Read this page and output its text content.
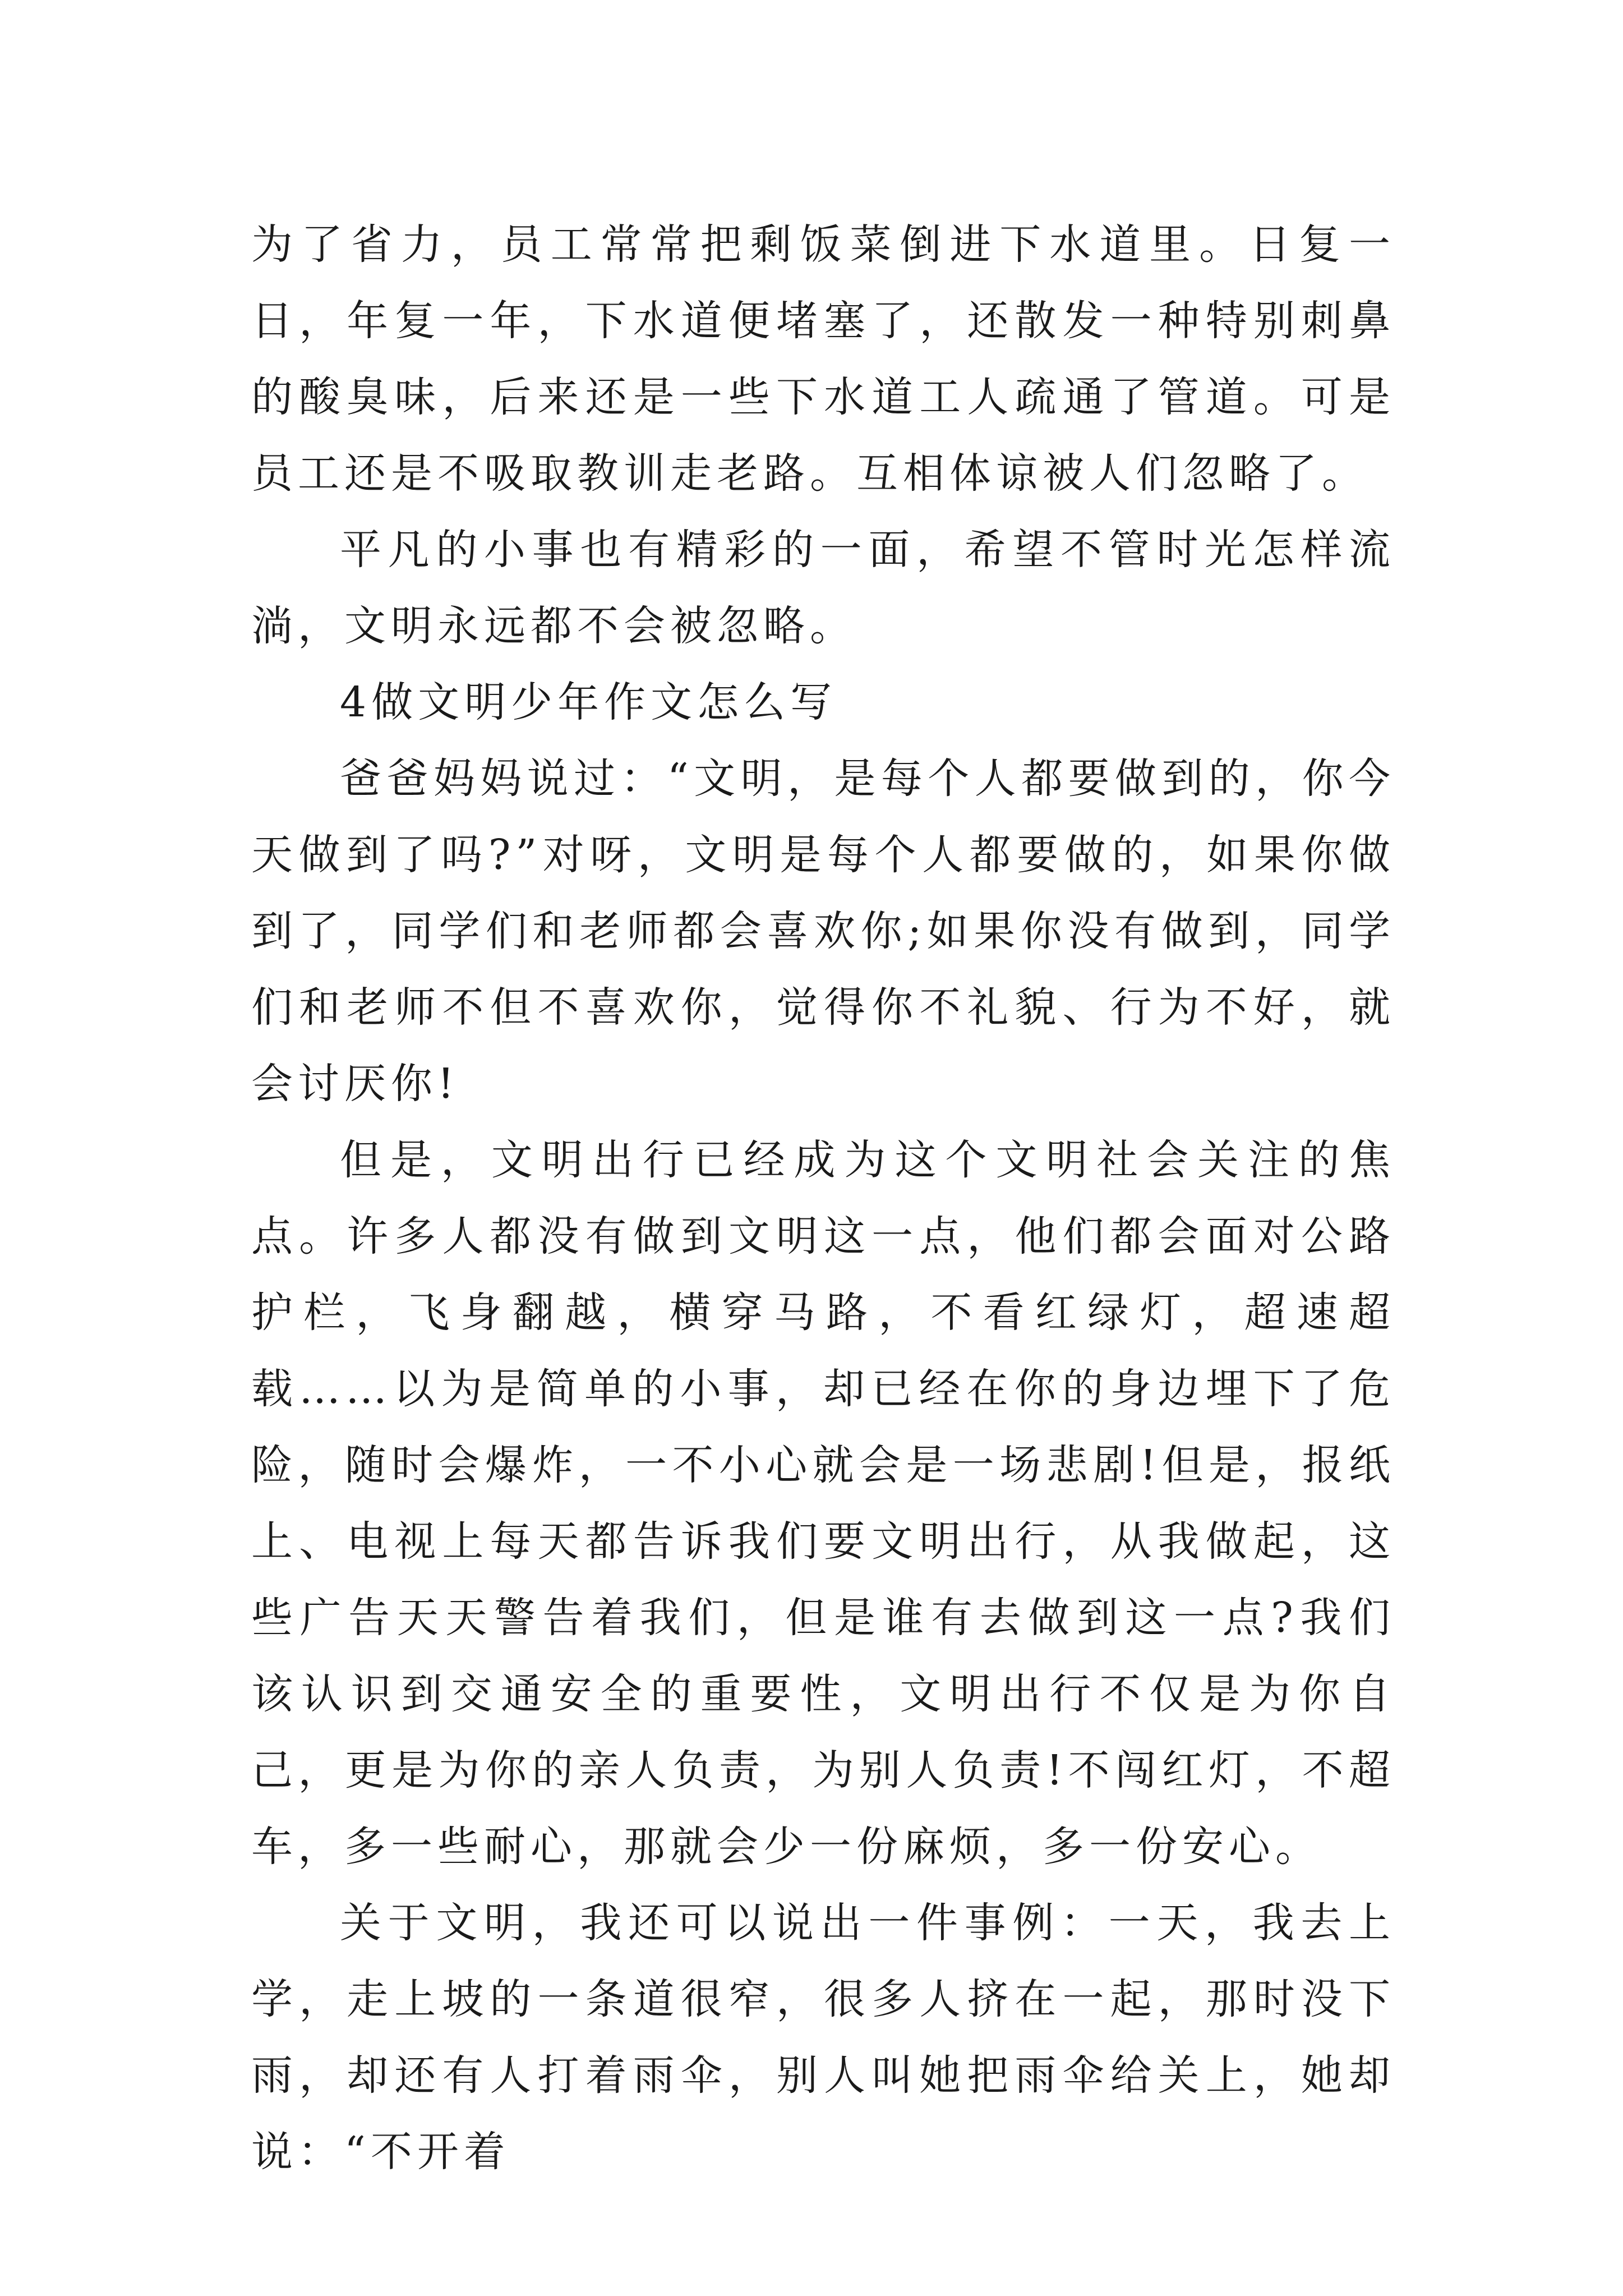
为了省力，员工常常把剩饭菜倒进下水道里。日复一日，年复一年，下水道便堵塞了，还散发一种特别刺鼻的酸臭味，后来还是一些下水道工人疏通了管道。可是员工还是不吸取教训走老路。互相体谅被人们忽略了。

平凡的小事也有精彩的一面，希望不管时光怎样流淌，文明永远都不会被忽略。

4做文明少年作文怎么写

爸爸妈妈说过：“文明，是每个人都要做到的，你今天做到了吗?”对呀，文明是每个人都要做的，如果你做到了，同学们和老师都会喜欢你;如果你没有做到，同学们和老师不但不喜欢你，觉得你不礼貌、行为不好，就会讨厌你!

但是，文明出行已经成为这个文明社会关注的焦点。许多人都没有做到文明这一点，他们都会面对公路护栏，飞身翻越，横穿马路，不看红绿灯，超速超载……以为是简单的小事，却已经在你的身边埋下了危险，随时会爆炸，一不小心就会是一场悲剧!但是，报纸上、电视上每天都告诉我们要文明出行，从我做起，这些广告天天警告着我们，但是谁有去做到这一点?我们该认识到交通安全的重要性，文明出行不仅是为你自己，更是为你的亲人负责，为别人负责!不闯红灯，不超车，多一些耐心，那就会少一份麻烦，多一份安心。

关于文明，我还可以说出一件事例：一天，我去上学，走上坡的一条道很窄，很多人挤在一起，那时没下雨，却还有人打着雨伞，别人叫她把雨伞给关上，她却说：“不开着
